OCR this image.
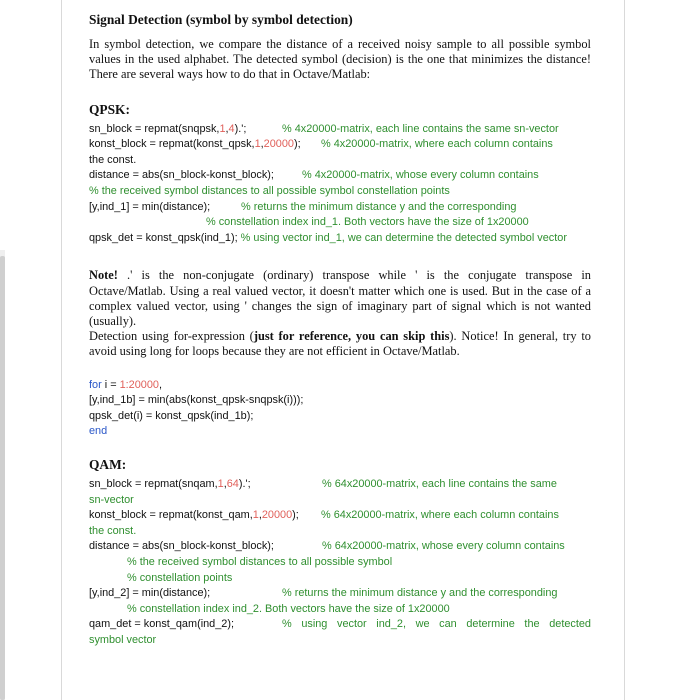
Signal Detection (symbol by symbol detection)

In symbol detection, we compare the distance of a received noisy sample to all possible symbol values in the used alphabet. The detected symbol (decision) is the one that minimizes the distance! There are several ways how to do that in Octave/Matlab:

QPSK:
sn_block = repmat(snqpsk,1,4).';	% 4x20000-matrix, each line contains the same sn-vector
konst_block = repmat(konst_qpsk,1,20000); % 4x20000-matrix, where each column contains
the const.
distance = abs(sn_block-konst_block);	% 4x20000-matrix, whose every column contains
% the received symbol distances to all possible symbol constellation points
[y,ind_1] = min(distance);	% returns the minimum distance y and the corresponding
% constellation index ind_1. Both vectors have the size of 1x20000
qpsk_det = konst_qpsk(ind_1); % using vector ind_1, we can determine the detected symbol vector

Note! .' is the non-conjugate (ordinary) transpose while ' is the conjugate transpose in Octave/Matlab. Using a real valued vector, it doesn't matter which one is used. But in the case of a complex valued vector, using ' changes the sign of imaginary part of signal which is not wanted (usually).

Detection using for-expression (just for reference, you can skip this). Notice! In general, try to avoid using long for loops because they are not efficient in Octave/Matlab.

for i = 1:20000,
[y,ind_1b] = min(abs(konst_qpsk-snqpsk(i)));
qpsk_det(i) = konst_qpsk(ind_1b);
end
QAM:
sn_block = repmat(snqam,1,64).';	% 64x20000-matrix, each line contains the same
sn-vector
konst_block = repmat(konst_qam,1,20000); % 64x20000-matrix, where each column contains
the const.
distance = abs(sn_block-konst_block);	% 64x20000-matrix, whose every column contains
% the received symbol distances to all possible symbol
% constellation points
[y,ind_2] = min(distance);	% returns the minimum distance y and the corresponding
% constellation index ind_2. Both vectors have the size of 1x20000
qam_det = konst_qam(ind_2);	% using vector ind_2, we can determine the detected
symbol vector
